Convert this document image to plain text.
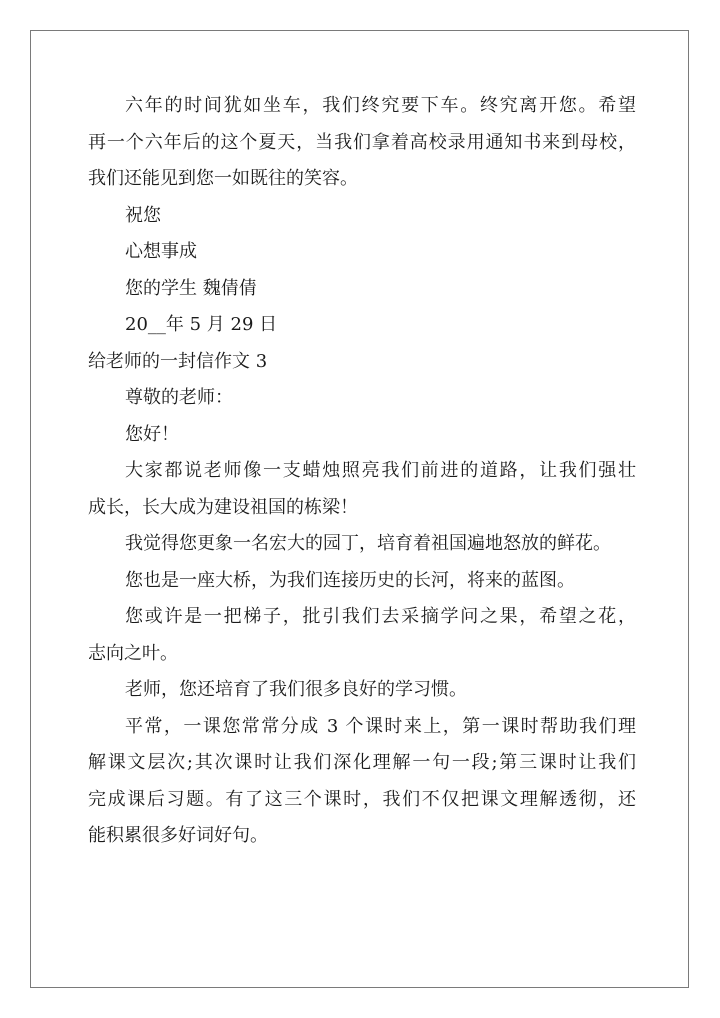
六年的时间犹如坐车，我们终究要下车。终究离开您。希望
再一个六年后的这个夏天，当我们拿着高校录用通知书来到母校，
我们还能见到您一如既往的笑容。
祝您
心想事成
您的学生 魏倩倩
20__年 5 月 29 日
给老师的一封信作文 3
尊敬的老师：
您好！
大家都说老师像一支蜡烛照亮我们前进的道路，让我们强壮
成长，长大成为建设祖国的栋梁！
我觉得您更象一名宏大的园丁，培育着祖国遍地怒放的鲜花。
您也是一座大桥，为我们连接历史的长河，将来的蓝图。
您或许是一把梯子，批引我们去采摘学问之果，希望之花，
志向之叶。
老师，您还培育了我们很多良好的学习惯。
平常，一课您常常分成 3 个课时来上，第一课时帮助我们理
解课文层次;其次课时让我们深化理解一句一段;第三课时让我们
完成课后习题。有了这三个课时，我们不仅把课文理解透彻，还
能积累很多好词好句。
